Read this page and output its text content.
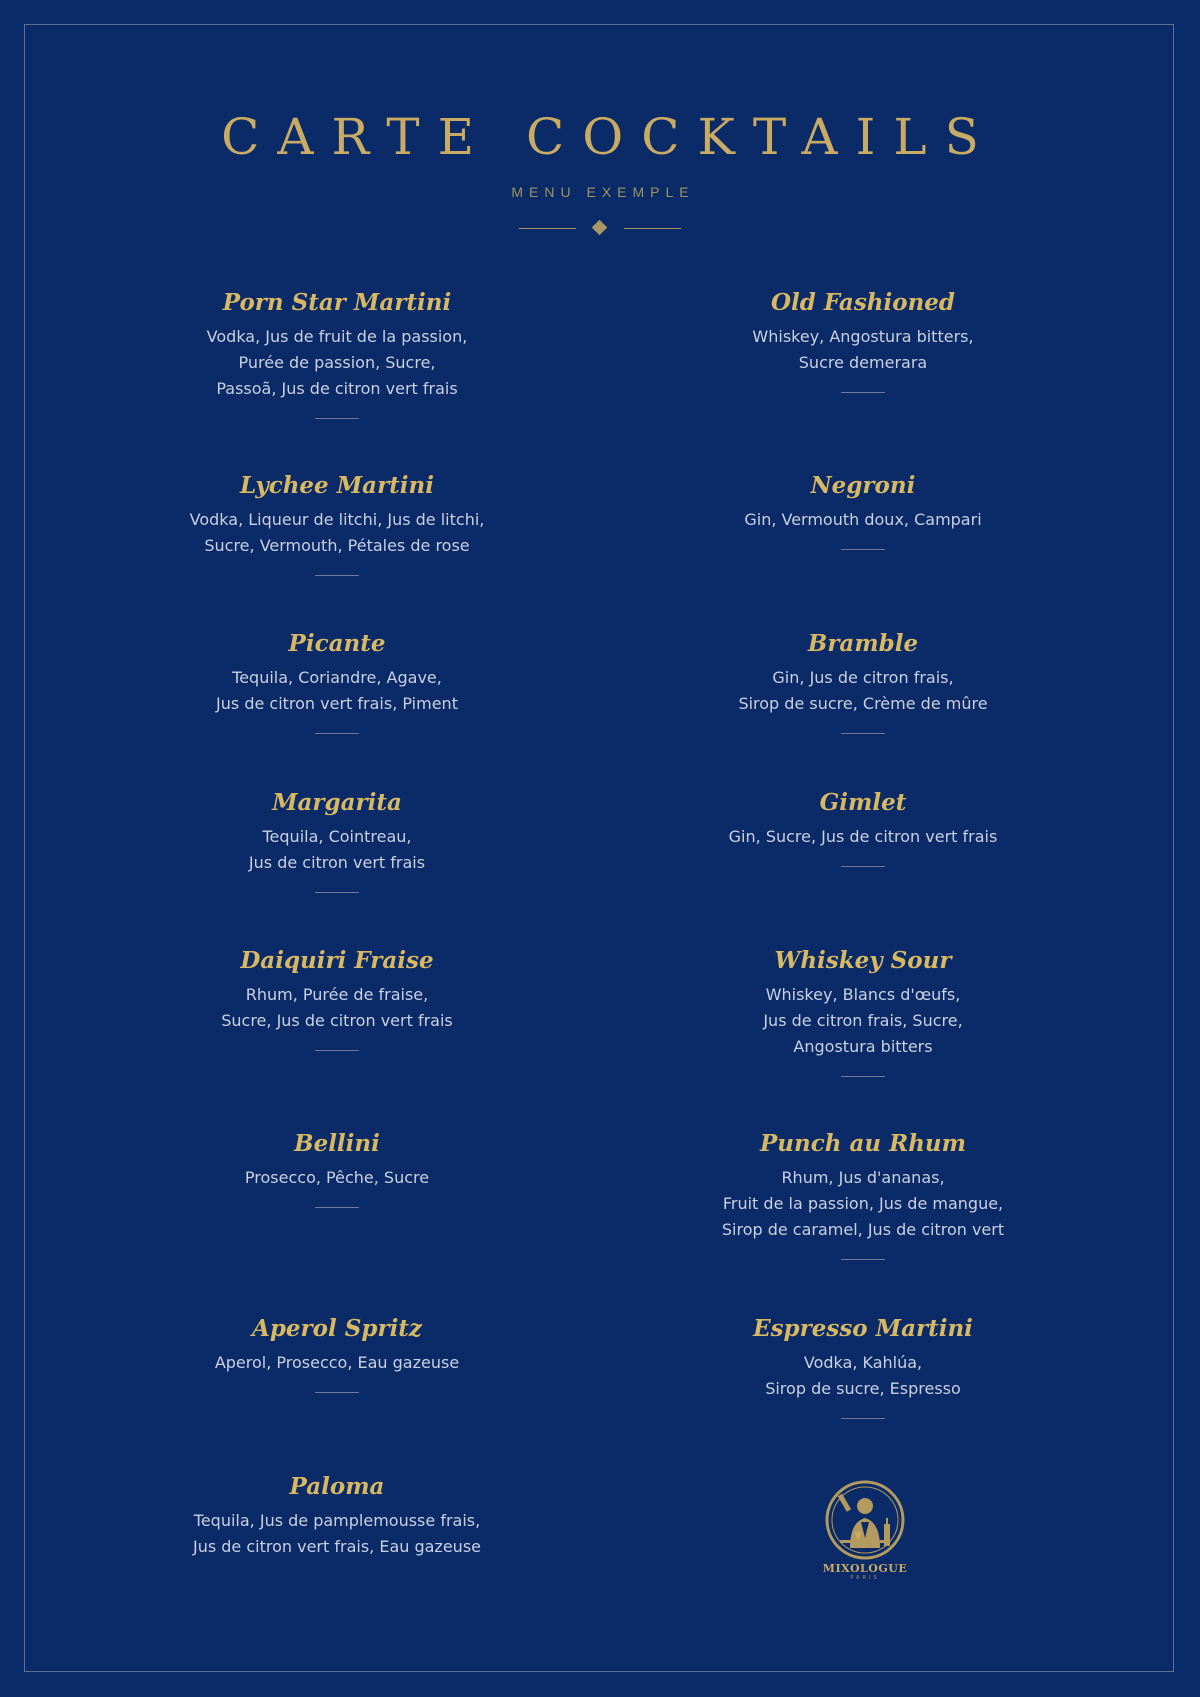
CARTE COCKTAILS
MENU EXEMPLE
Porn Star Martini
Vodka, Jus de fruit de la passion,
Purée de passion, Sucre,
Passoã, Jus de citron vert frais
Lychee Martini
Vodka, Liqueur de litchi, Jus de litchi,
Sucre, Vermouth, Pétales de rose
Picante
Tequila, Coriandre, Agave,
Jus de citron vert frais, Piment
Margarita
Tequila, Cointreau,
Jus de citron vert frais
Daiquiri Fraise
Rhum, Purée de fraise,
Sucre, Jus de citron vert frais
Bellini
Prosecco, Pêche, Sucre
Aperol Spritz
Aperol, Prosecco, Eau gazeuse
Paloma
Tequila, Jus de pamplemousse frais,
Jus de citron vert frais, Eau gazeuse
Old Fashioned
Whiskey, Angostura bitters,
Sucre demerara
Negroni
Gin, Vermouth doux, Campari
Bramble
Gin, Jus de citron frais,
Sirop de sucre, Crème de mûre
Gimlet
Gin, Sucre, Jus de citron vert frais
Whiskey Sour
Whiskey, Blancs d'œufs,
Jus de citron frais, Sucre,
Angostura bitters
Punch au Rhum
Rhum, Jus d'ananas,
Fruit de la passion, Jus de mangue,
Sirop de caramel, Jus de citron vert
Espresso Martini
Vodka, Kahlúa,
Sirop de sucre, Espresso
MIXOLOGUE
PARIS
